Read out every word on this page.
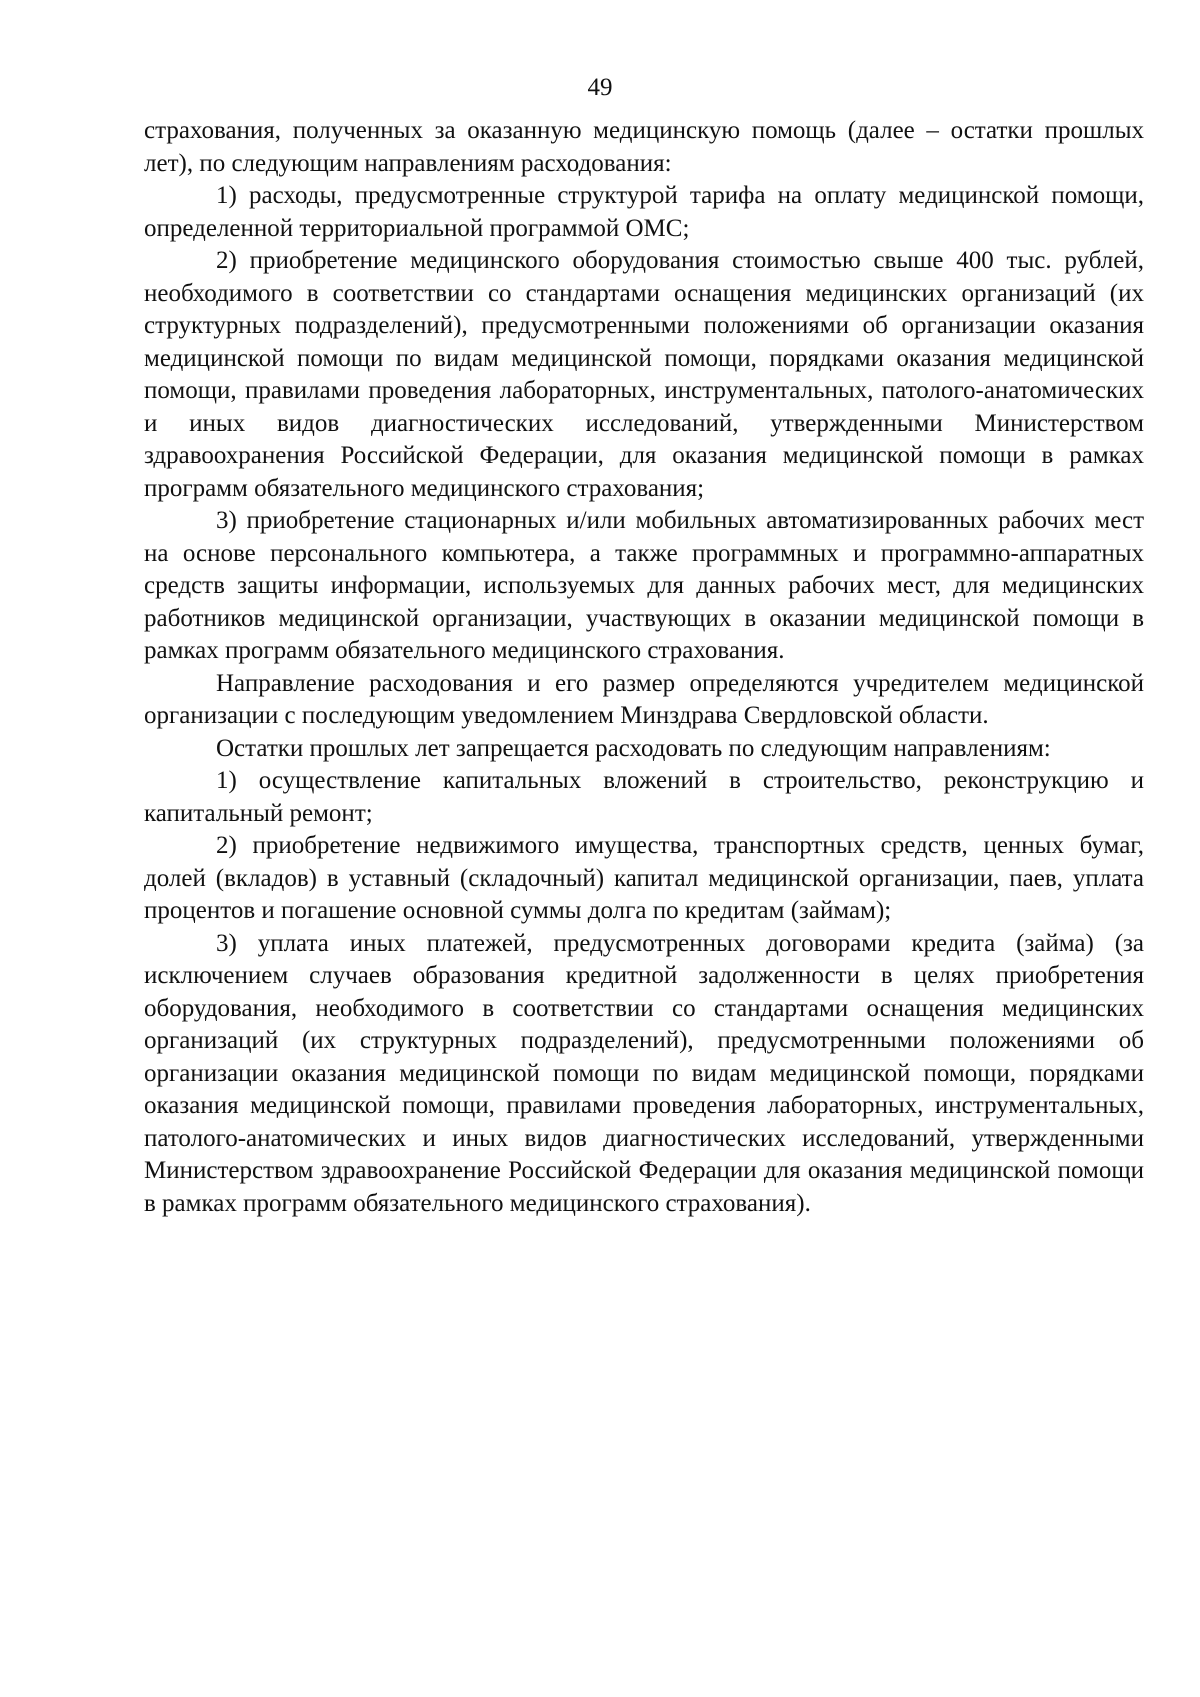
49

страхования, полученных за оказанную медицинскую помощь (далее – остатки прошлых лет), по следующим направлениям расходования:

1) расходы, предусмотренные структурой тарифа на оплату медицинской помощи, определенной территориальной программой ОМС;

2) приобретение медицинского оборудования стоимостью свыше 400 тыс. рублей, необходимого в соответствии со стандартами оснащения медицинских организаций (их структурных подразделений), предусмотренными положениями об организации оказания медицинской помощи по видам медицинской помощи, порядками оказания медицинской помощи, правилами проведения лабораторных, инструментальных, патолого-анатомических и иных видов диагностических исследований, утвержденными Министерством здравоохранения Российской Федерации, для оказания медицинской помощи в рамках программ обязательного медицинского страхования;

3) приобретение стационарных и/или мобильных автоматизированных рабочих мест на основе персонального компьютера, а также программных и программно-аппаратных средств защиты информации, используемых для данных рабочих мест, для медицинских работников медицинской организации, участвующих в оказании медицинской помощи в рамках программ обязательного медицинского страхования.

Направление расходования и его размер определяются учредителем медицинской организации с последующим уведомлением Минздрава Свердловской области.

Остатки прошлых лет запрещается расходовать по следующим направлениям:

1) осуществление капитальных вложений в строительство, реконструкцию и капитальный ремонт;

2) приобретение недвижимого имущества, транспортных средств, ценных бумаг, долей (вкладов) в уставный (складочный) капитал медицинской организации, паев, уплата процентов и погашение основной суммы долга по кредитам (займам);

3) уплата иных платежей, предусмотренных договорами кредита (займа) (за исключением случаев образования кредитной задолженности в целях приобретения оборудования, необходимого в соответствии со стандартами оснащения медицинских организаций (их структурных подразделений), предусмотренными положениями об организации оказания медицинской помощи по видам медицинской помощи, порядками оказания медицинской помощи, правилами проведения лабораторных, инструментальных, патолого-анатомических и иных видов диагностических исследований, утвержденными Министерством здравоохранение Российской Федерации для оказания медицинской помощи в рамках программ обязательного медицинского страхования).
